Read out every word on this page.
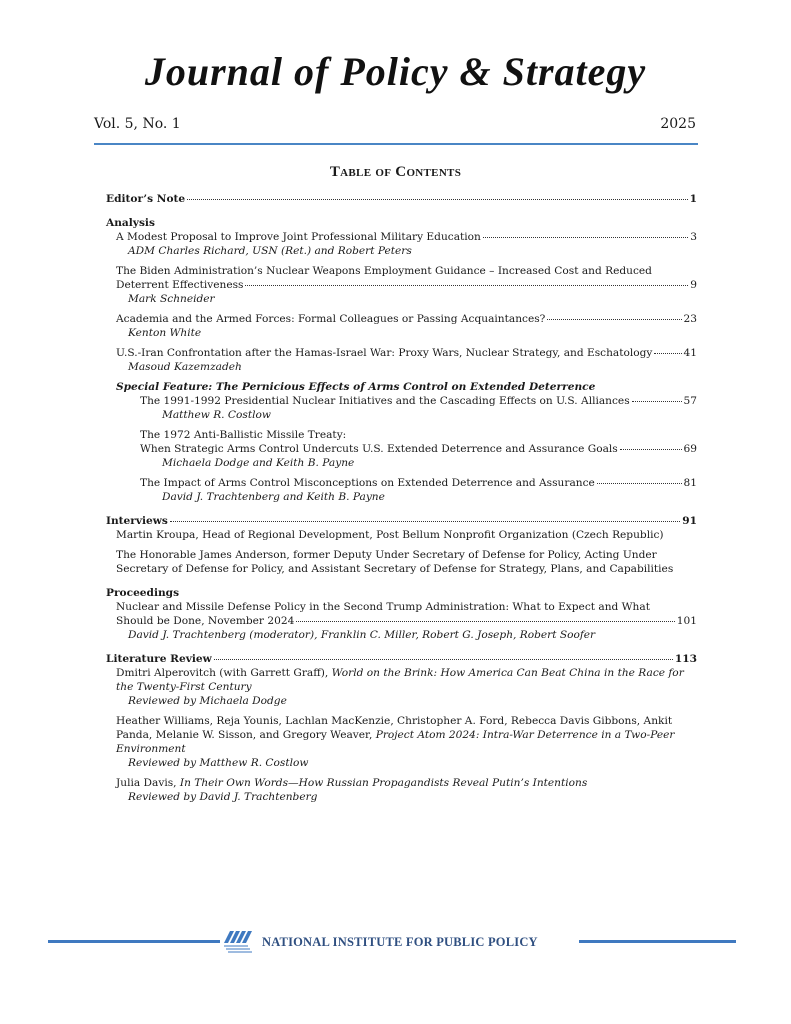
Journal of Policy & Strategy
Vol. 5, No. 1	2025
Table of Contents
Editor’s Note	1
Analysis
A Modest Proposal to Improve Joint Professional Military Education	3
ADM Charles Richard, USN (Ret.) and Robert Peters
The Biden Administration’s Nuclear Weapons Employment Guidance – Increased Cost and Reduced
Deterrent Effectiveness	9
Mark Schneider
Academia and the Armed Forces: Formal Colleagues or Passing Acquaintances?	23
Kenton White
U.S.-Iran Confrontation after the Hamas-Israel War: Proxy Wars, Nuclear Strategy, and Eschatology	41
Masoud Kazemzadeh
Special Feature: The Pernicious Effects of Arms Control on Extended Deterrence
The 1991-1992 Presidential Nuclear Initiatives and the Cascading Effects on U.S. Alliances	57
Matthew R. Costlow
The 1972 Anti-Ballistic Missile Treaty:
When Strategic Arms Control Undercuts U.S. Extended Deterrence and Assurance Goals	69
Michaela Dodge and Keith B. Payne
The Impact of Arms Control Misconceptions on Extended Deterrence and Assurance	81
David J. Trachtenberg and Keith B. Payne
Interviews	91
Martin Kroupa, Head of Regional Development, Post Bellum Nonprofit Organization (Czech Republic)
The Honorable James Anderson, former Deputy Under Secretary of Defense for Policy, Acting Under
Secretary of Defense for Policy, and Assistant Secretary of Defense for Strategy, Plans, and Capabilities
Proceedings
Nuclear and Missile Defense Policy in the Second Trump Administration: What to Expect and What
Should be Done, November 2024	101
David J. Trachtenberg (moderator), Franklin C. Miller, Robert G. Joseph, Robert Soofer
Literature Review	113
Dmitri Alperovitch (with Garrett Graff), World on the Brink: How America Can Beat China in the Race for
the Twenty-First Century
Reviewed by Michaela Dodge
Heather Williams, Reja Younis, Lachlan MacKenzie, Christopher A. Ford, Rebecca Davis Gibbons, Ankit
Panda, Melanie W. Sisson, and Gregory Weaver, Project Atom 2024: Intra-War Deterrence in a Two-Peer
Environment
Reviewed by Matthew R. Costlow
Julia Davis, In Their Own Words—How Russian Propagandists Reveal Putin’s Intentions
Reviewed by David J. Trachtenberg
NATIONAL INSTITUTE FOR PUBLIC POLICY
